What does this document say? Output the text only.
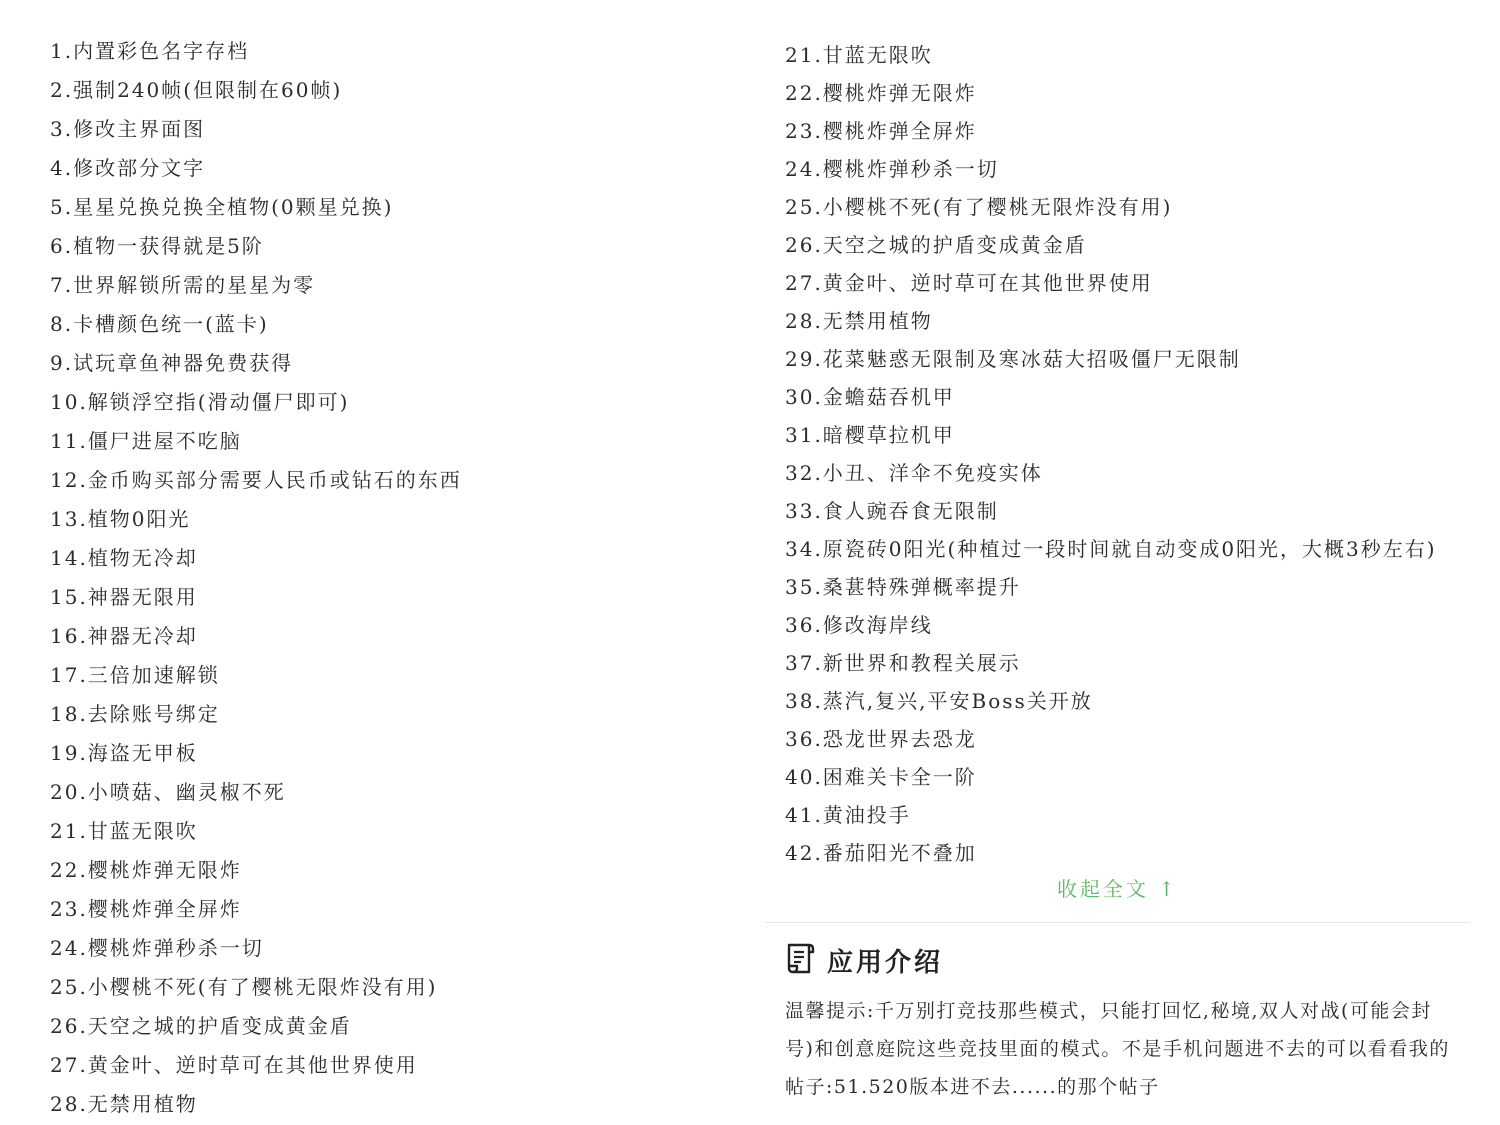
1.内置彩色名字存档
2.强制240帧(但限制在60帧)
3.修改主界面图
4.修改部分文字
5.星星兑换兑换全植物(0颗星兑换)
6.植物一获得就是5阶
7.世界解锁所需的星星为零
8.卡槽颜色统一(蓝卡)
9.试玩章鱼神器免费获得
10.解锁浮空指(滑动僵尸即可)
11.僵尸进屋不吃脑
12.金币购买部分需要人民币或钻石的东西
13.植物0阳光
14.植物无冷却
15.神器无限用
16.神器无冷却
17.三倍加速解锁
18.去除账号绑定
19.海盗无甲板
20.小喷菇、幽灵椒不死
21.甘蓝无限吹
22.樱桃炸弹无限炸
23.樱桃炸弹全屏炸
24.樱桃炸弹秒杀一切
25.小樱桃不死(有了樱桃无限炸没有用)
26.天空之城的护盾变成黄金盾
27.黄金叶、逆时草可在其他世界使用
28.无禁用植物
21.甘蓝无限吹
22.樱桃炸弹无限炸
23.樱桃炸弹全屏炸
24.樱桃炸弹秒杀一切
25.小樱桃不死(有了樱桃无限炸没有用)
26.天空之城的护盾变成黄金盾
27.黄金叶、逆时草可在其他世界使用
28.无禁用植物
29.花菜魅惑无限制及寒冰菇大招吸僵尸无限制
30.金蟾菇吞机甲
31.暗樱草拉机甲
32.小丑、洋伞不免疫实体
33.食人豌吞食无限制
34.原瓷砖0阳光(种植过一段时间就自动变成0阳光，大概3秒左右)
35.桑葚特殊弹概率提升
36.修改海岸线
37.新世界和教程关展示
38.蒸汽,复兴,平安Boss关开放
36.恐龙世界去恐龙
40.困难关卡全一阶
41.黄油投手
42.番茄阳光不叠加
收起全文 ↑
应用介绍
温馨提示:千万别打竞技那些模式，只能打回忆,秘境,双人对战(可能会封号)和创意庭院这些竞技里面的模式。不是手机问题进不去的可以看看我的帖子:51.520版本进不去......的那个帖子
